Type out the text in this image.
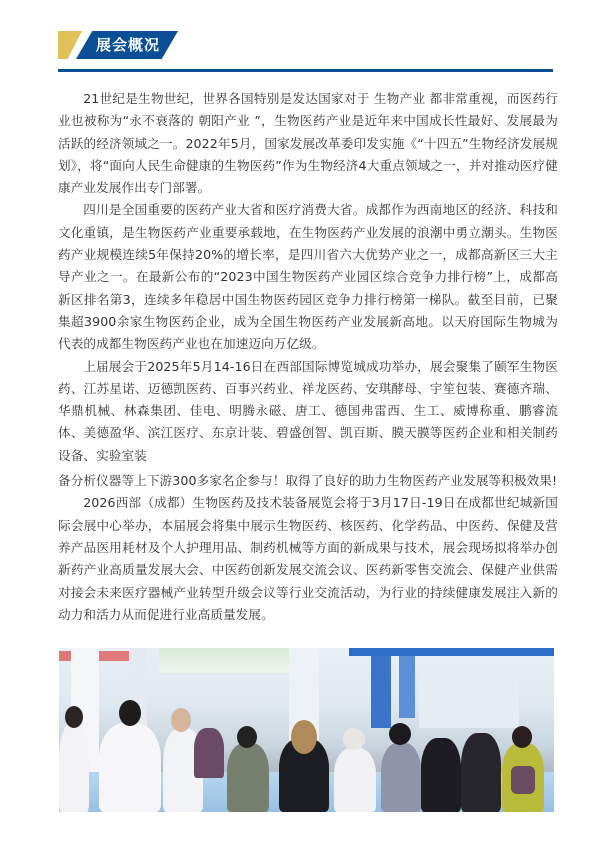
展会概况

21世纪是生物世纪，世界各国特别是发达国家对于 生物产业 都非常重视，而医药行业也被称为“永不衰落的 朝阳产业 ”，生物医药产业是近年来中国成长性最好、发展最为活跃的经济领域之一。2022年5月，国家发展改革委印发实施《“十四五”生物经济发展规划》，将“面向人民生命健康的生物医药”作为生物经济4大重点领域之一，并对推动医疗健康产业发展作出专门部署。

四川是全国重要的医药产业大省和医疗消费大省。成都作为西南地区的经济、科技和文化重镇，是生物医药产业重要承载地，在生物医药产业发展的浪潮中勇立潮头。生物医药产业规模连续5年保持20%的增长率，是四川省六大优势产业之一，成都高新区三大主导产业之一。在最新公布的“2023中国生物医药产业园区综合竞争力排行榜”上，成都高新区排名第3，连续多年稳居中国生物医药园区竞争力排行榜第一梯队。截至目前，已聚集超3900余家生物医药企业，成为全国生物医药产业发展新高地。以天府国际生物城为代表的成都生物医药产业也在加速迈向万亿级。

上届展会于2025年5月14-16日在西部国际博览城成功举办，展会聚集了颐军生物医药、江苏星诺、迈德凯医药、百事兴药业、祥龙医药、安琪酵母、宇笙包装、赛德齐瑞、华鼎机械、林森集团、佳电、明腾永磁、唐工、德国弗雷西、生工、威博称重、鹏睿流体、美德盈华、滨江医疗、东京计装、碧盛创智、凯百斯、膜天膜等医药企业和相关制药设备、实验室装
备分析仪器等上下游300多家名企参与！取得了良好的助力生物医药产业发展等积极效果!

2026西部（成都）生物医药及技术装备展览会将于3月17日-19日在成都世纪城新国际会展中心举办，本届展会将集中展示生物医药、核医药、化学药品、中医药、保健及营养产品医用耗材及个人护理用品、制药机械等方面的新成果与技术，展会现场拟将举办创新药产业高质量发展大会、中医药创新发展交流会议、医药新零售交流会、保健产业供需对接会未来医疗器械产业转型升级会议等行业交流活动，为行业的持续健康发展注入新的动力和活力从而促进行业高质量发展。
